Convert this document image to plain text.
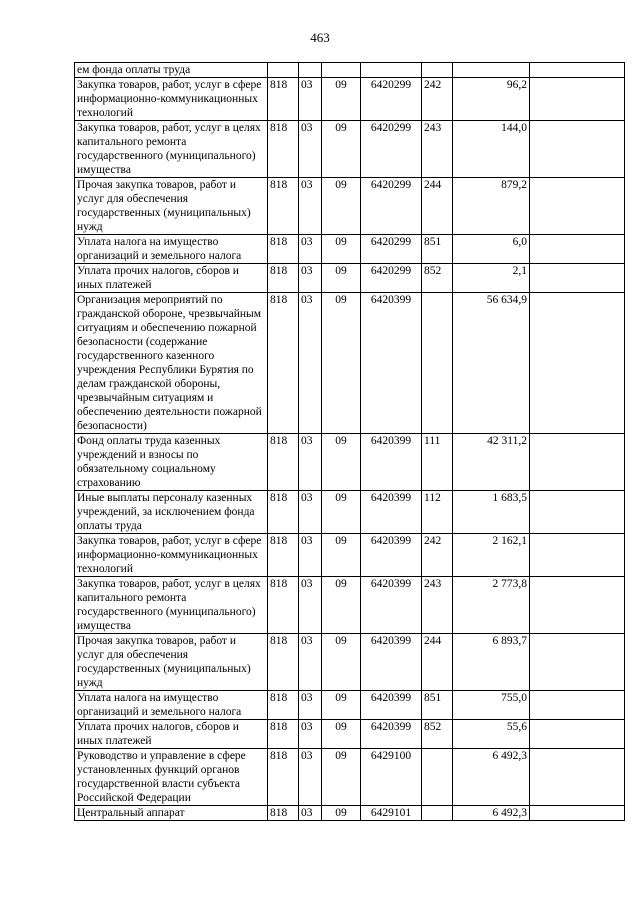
463
ем фонда оплаты труда							
Закупка товаров, работ, услуг в сфере информационно-коммуникационных технологий	818	03	09	6420299	242	96,2	
Закупка товаров, работ, услуг в целях капитального ремонта государственного (муниципального) имущества	818	03	09	6420299	243	144,0	
Прочая закупка товаров, работ и услуг для обеспечения государственных (муниципальных) нужд	818	03	09	6420299	244	879,2	
Уплата налога на имущество организаций и земельного налога	818	03	09	6420299	851	6,0	
Уплата прочих налогов, сборов и иных платежей	818	03	09	6420299	852	2,1	
Организация мероприятий по гражданской обороне, чрезвычайным ситуациям и обеспечению пожарной безопасности (содержание государственного казенного учреждения Республики Бурятия по делам гражданской обороны, чрезвычайным ситуациям и обеспечению деятельности пожарной безопасности)	818	03	09	6420399		56 634,9	
Фонд оплаты труда казенных учреждений и взносы по обязательному социальному страхованию	818	03	09	6420399	111	42 311,2	
Иные выплаты персоналу казенных учреждений, за исключением фонда оплаты труда	818	03	09	6420399	112	1 683,5	
Закупка товаров, работ, услуг в сфере информационно-коммуникационных технологий	818	03	09	6420399	242	2 162,1	
Закупка товаров, работ, услуг в целях капитального ремонта государственного (муниципального) имущества	818	03	09	6420399	243	2 773,8	
Прочая закупка товаров, работ и услуг для обеспечения государственных (муниципальных) нужд	818	03	09	6420399	244	6 893,7	
Уплата налога на имущество организаций и земельного налога	818	03	09	6420399	851	755,0	
Уплата прочих налогов, сборов и иных платежей	818	03	09	6420399	852	55,6	
Руководство и управление в сфере установленных функций органов государственной власти субъекта Российской Федерации	818	03	09	6429100		6 492,3	
Центральный аппарат	818	03	09	6429101		6 492,3	
